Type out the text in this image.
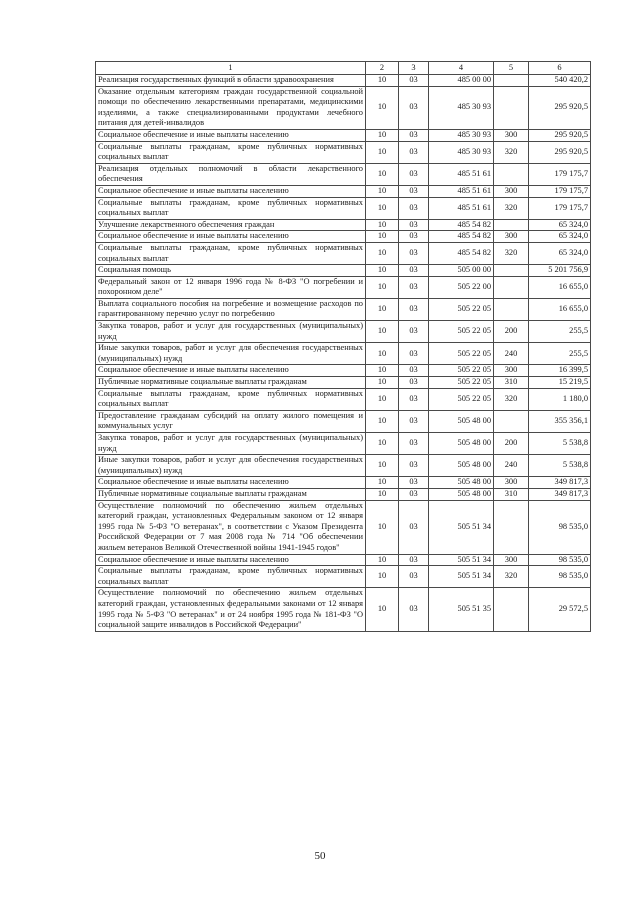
1	2	3	4	5	6
Реализация государственных функций в области здравоохранения	10	03	485 00 00		540 420,2
Оказание отдельным категориям граждан государственной социальной помощи по обеспечению лекарственными препаратами, медицинскими изделиями, а также специализированными продуктами лечебного питания для детей-инвалидов	10	03	485 30 93		295 920,5
Социальное обеспечение и иные выплаты населению	10	03	485 30 93	300	295 920,5
Социальные выплаты гражданам, кроме публичных нормативных социальных выплат	10	03	485 30 93	320	295 920,5
Реализация отдельных полномочий в области лекарственного обеспечения	10	03	485 51 61		179 175,7
Социальное обеспечение и иные выплаты населению	10	03	485 51 61	300	179 175,7
Социальные выплаты гражданам, кроме публичных нормативных социальных выплат	10	03	485 51 61	320	179 175,7
Улучшение лекарственного обеспечения граждан	10	03	485 54 82		65 324,0
Социальное обеспечение и иные выплаты населению	10	03	485 54 82	300	65 324,0
Социальные выплаты гражданам, кроме публичных нормативных социальных выплат	10	03	485 54 82	320	65 324,0
Социальная помощь	10	03	505 00 00		5 201 756,9
Федеральный закон от 12 января 1996 года № 8-ФЗ "О погребении и похоронном деле"	10	03	505 22 00		16 655,0
Выплата социального пособия на погребение и возмещение расходов по гарантированному перечню услуг по погребению	10	03	505 22 05		16 655,0
Закупка товаров, работ и услуг для государственных (муниципальных) нужд	10	03	505 22 05	200	255,5
Иные закупки товаров, работ и услуг для обеспечения государственных (муниципальных) нужд	10	03	505 22 05	240	255,5
Социальное обеспечение и иные выплаты населению	10	03	505 22 05	300	16 399,5
Публичные нормативные социальные выплаты гражданам	10	03	505 22 05	310	15 219,5
Социальные выплаты гражданам, кроме публичных нормативных социальных выплат	10	03	505 22 05	320	1 180,0
Предоставление гражданам субсидий на оплату жилого помещения и коммунальных услуг	10	03	505 48 00		355 356,1
Закупка товаров, работ и услуг для государственных (муниципальных) нужд	10	03	505 48 00	200	5 538,8
Иные закупки товаров, работ и услуг для обеспечения государственных (муниципальных) нужд	10	03	505 48 00	240	5 538,8
Социальное обеспечение и иные выплаты населению	10	03	505 48 00	300	349 817,3
Публичные нормативные социальные выплаты гражданам	10	03	505 48 00	310	349 817,3
Осуществление полномочий по обеспечению жильем отдельных категорий граждан, установленных Федеральным законом от 12 января 1995 года № 5-ФЗ "О ветеранах", в соответствии с Указом Президента Российской Федерации от 7 мая 2008 года № 714 "Об обеспечении жильем ветеранов Великой Отечественной войны 1941-1945 годов"	10	03	505 51 34		98 535,0
Социальное обеспечение и иные выплаты населению	10	03	505 51 34	300	98 535,0
Социальные выплаты гражданам, кроме публичных нормативных социальных выплат	10	03	505 51 34	320	98 535,0
Осуществление полномочий по обеспечению жильем отдельных категорий граждан, установленных федеральными законами от 12 января 1995 года № 5-ФЗ "О ветеранах" и от 24 ноября 1995 года № 181-ФЗ "О социальной защите инвалидов в Российской Федерации"	10	03	505 51 35		29 572,5
50
